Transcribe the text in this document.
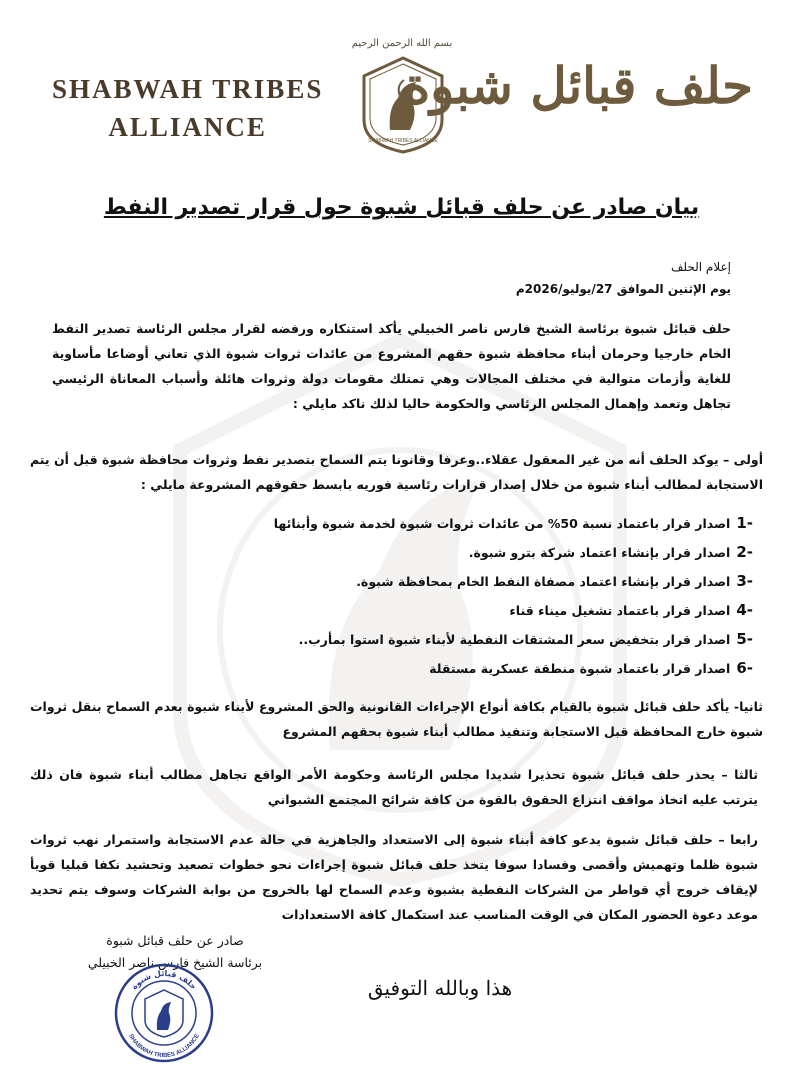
SHABWAH TRIBES
ALLIANCE
بسم الله الرحمن الرحيم
SHABWAH TRIBES ALLIANCE
حلف قبائل شبوة
بيان صادر عن حلف قبائل شبوة حول قرار تصدير النفط
إعلام الحلف
يوم الإثنين الموافق 27/يوليو/2026م
حلف قبائل شبوة برئاسة الشيخ فارس ناصر الخبيلي يأكد استنكاره ورفضه لقرار مجلس الرئاسة تصدير النفط الخام خارجيا وحرمان أبناء محافظة شبوة حقهم المشروع من عائدات ثروات شبوة الذي تعاني أوضاعا مأساوية للغاية وأزمات متوالية في مختلف المجالات وهي تمتلك مقومات دولة وثروات هائلة وأسباب المعاناة الرئيسي تجاهل وتعمد وإهمال المجلس الرئاسي والحكومة حاليا لذلك ناكد مايلي :
أولى – يوكد الحلف أنه من غير المعقول عقلاء..وعرفا وقانونا يتم السماح بتصدير نفط وثروات محافظة شبوة قبل أن يتم الاستجابة لمطالب أبناء شبوة من خلال إصدار قرارات رئاسية فوريه بابسط حقوقهم المشروعة مايلي :
-1اصدار قرار باعتماد نسبة 50% من عائدات ثروات شبوة لخدمة شبوة وأبنائها
-2اصدار قرار بإنشاء اعتماد شركة بترو شبوة.
-3اصدار قرار بإنشاء اعتماد مصفاة النفط الخام بمحافظة شبوة.
-4اصدار قرار باعتماد تشغيل ميناء قناء
-5اصدار قرار بتخفيض سعر المشتقات النفطية لأبناء شبوة استوا بمأرب..
-6اصدار قرار باعتماد شبوة منطقة عسكرية مستقلة
ثانيا- يأكد حلف قبائل شبوة بالقيام بكافة أنواع الإجراءات القانونية والحق المشروع لأبناء شبوة بعدم السماح بنقل ثروات شبوة خارج المحافظة قبل الاستجابة وتنفيذ مطالب أبناء شبوة بحقهم المشروع
ثالثا – يحذر حلف قبائل شبوة تحذيرا شديدا مجلس الرئاسة وحكومة الأمر الواقع تجاهل مطالب أبناء شبوة فان ذلك يترتب عليه اتخاذ مواقف انتزاع الحقوق بالقوة من كافة شرائح المجتمع الشبواني
رابعا – حلف قبائل شبوة يدعو كافة أبناء شبوة إلى الاستعداد والجاهزية في حالة عدم الاستجابة واستمرار نهب ثروات شبوة ظلما وتهميش وأقصى وفسادا سوفا يتخذ حلف قبائل شبوة إجراءات نحو خطوات تصعيد وتحشيد نكفا قبليا قويأ لإيقاف خروج أي قواطر من الشركات النفطية بشبوة وعدم السماح لها بالخروج من بوابة الشركات وسوف يتم تحديد موعد دعوة الحضور المكان في الوقت المناسب عند استكمال كافة الاستعدادات
صادر عن حلف قبائل شبوة
برئاسة الشيخ فارس ناصر الخبيلي
هذا وبالله التوفيق
حلف قبائل شبوة
SHABWAH TRIBES ALLIANCE
